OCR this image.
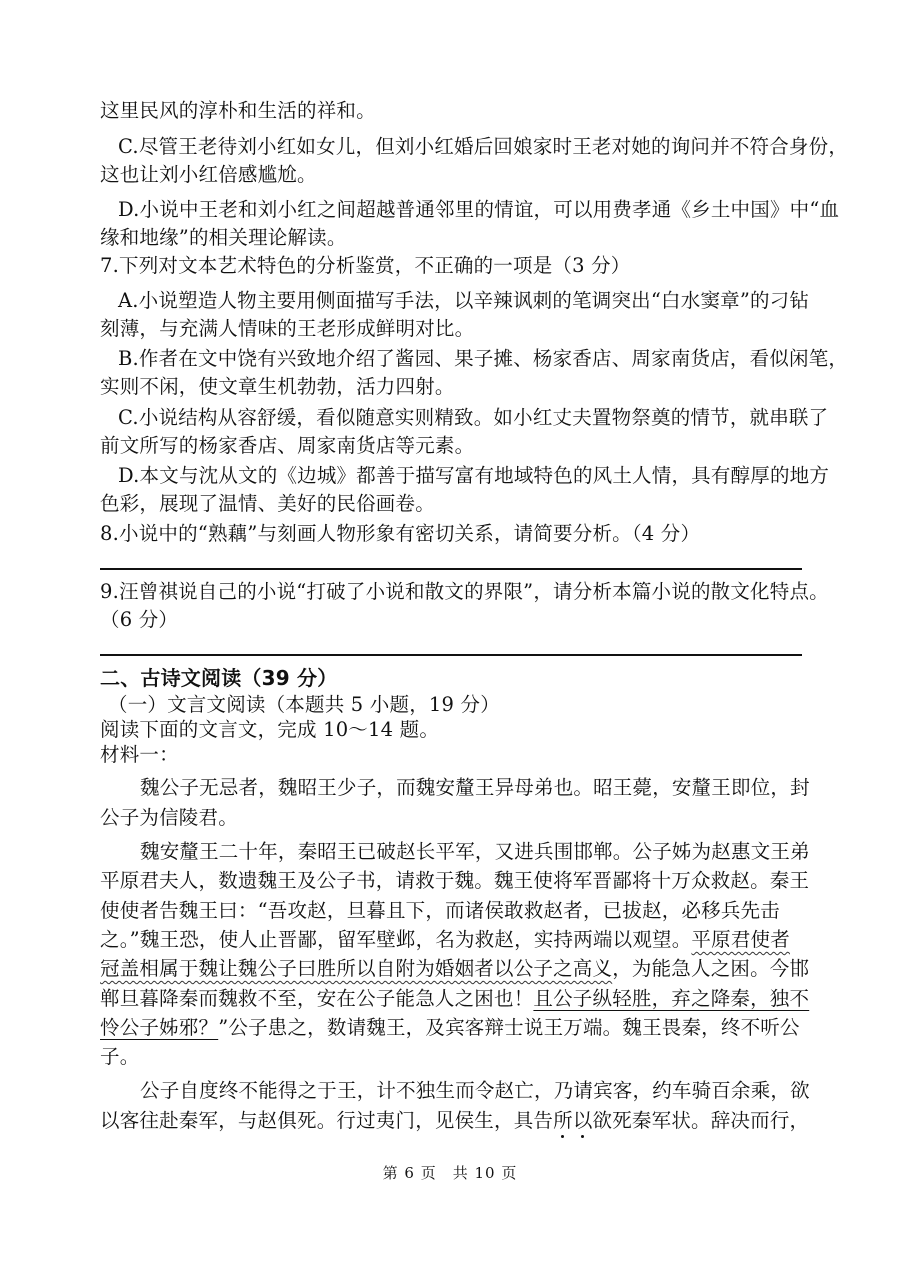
这里民风的淳朴和生活的祥和。
C.尽管王老待刘小红如女儿，但刘小红婚后回娘家时王老对她的询问并不符合身份，
这也让刘小红倍感尴尬。
D.小说中王老和刘小红之间超越普通邻里的情谊，可以用费孝通《乡土中国》中“血
缘和地缘”的相关理论解读。
7.下列对文本艺术特色的分析鉴赏，不正确的一项是（3 分）
A.小说塑造人物主要用侧面描写手法，以辛辣讽刺的笔调突出“白水窦章”的刁钻
刻薄，与充满人情味的王老形成鲜明对比。
B.作者在文中饶有兴致地介绍了酱园、果子摊、杨家香店、周家南货店，看似闲笔，
实则不闲，使文章生机勃勃，活力四射。
C.小说结构从容舒缓，看似随意实则精致。如小红丈夫置物祭奠的情节，就串联了
前文所写的杨家香店、周家南货店等元素。
D.本文与沈从文的《边城》都善于描写富有地域特色的风土人情，具有醇厚的地方
色彩，展现了温情、美好的民俗画卷。
8.小说中的“熟藕”与刻画人物形象有密切关系，请简要分析。（4 分）
9.汪曾祺说自己的小说“打破了小说和散文的界限”，请分析本篇小说的散文化特点。
（6 分）
二、古诗文阅读（39 分）
（一）文言文阅读（本题共 5 小题，19 分）
阅读下面的文言文，完成 10～14 题。
材料一：
魏公子无忌者，魏昭王少子，而魏安釐王异母弟也。昭王薨，安釐王即位，封
公子为信陵君。
魏安釐王二十年，秦昭王已破赵长平军，又进兵围邯郸。公子姊为赵惠文王弟
平原君夫人，数遗魏王及公子书，请救于魏。魏王使将军晋鄙将十万众救赵。秦王
使使者告魏王曰：“吾攻赵，旦暮且下，而诸侯敢救赵者，已拔赵，必移兵先击
之。”魏王恐，使人止晋鄙，留军壁邺，名为救赵，实持两端以观望。平原君使者
冠盖相属于魏让魏公子曰胜所以自附为婚姻者以公子之高义，为能急人之困。今邯
郸旦暮降秦而魏救不至，安在公子能急人之困也！且公子纵轻胜，弃之降秦，独不
怜公子姊邪？”公子患之，数请魏王，及宾客辩士说王万端。魏王畏秦，终不听公
子。
公子自度终不能得之于王，计不独生而令赵亡，乃请宾客，约车骑百余乘，欲
以客往赴秦军，与赵俱死。行过夷门，见侯生，具告所以欲死秦军状。辞决而行，
第 6 页　共 10 页
